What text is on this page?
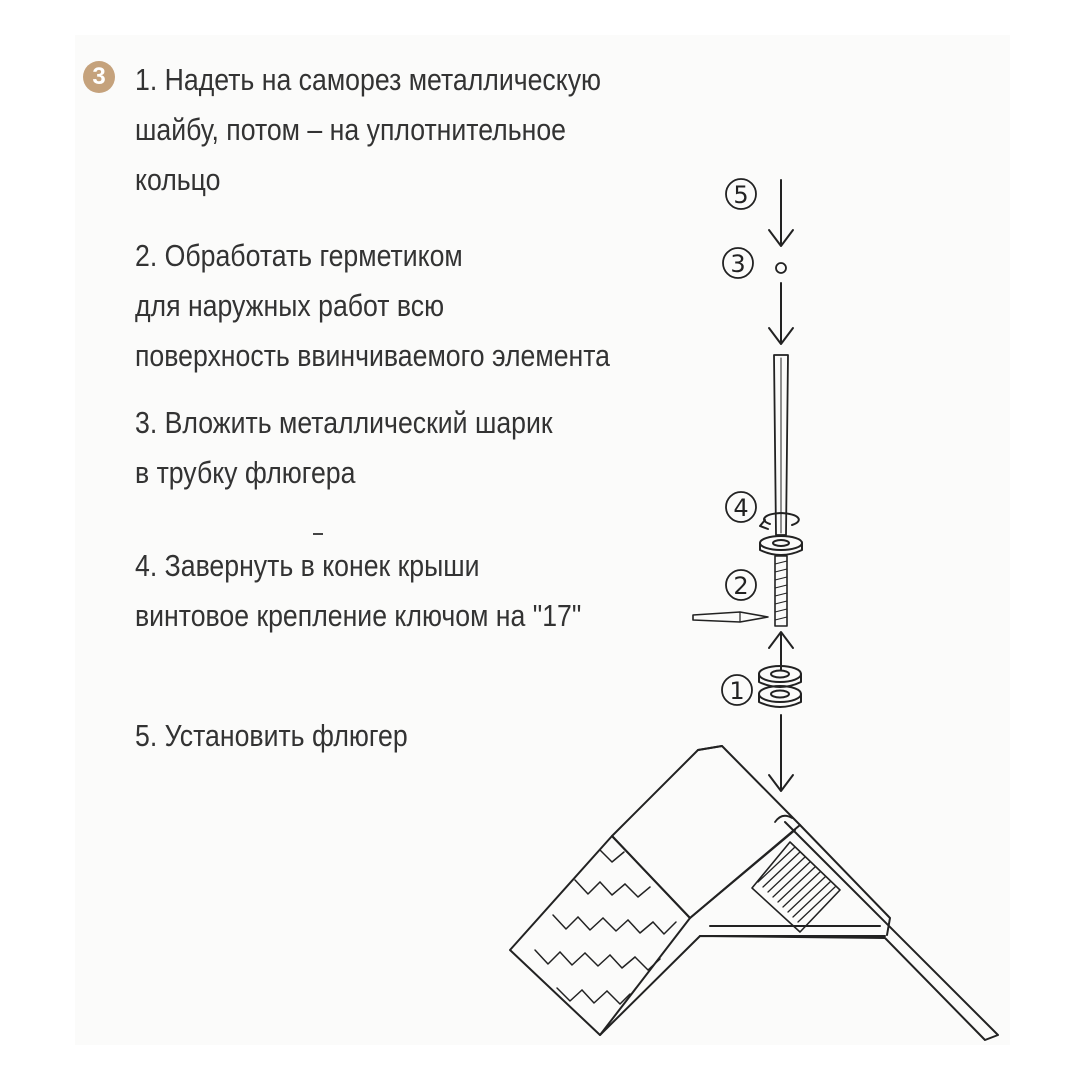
3 1. Надеть на саморез металлическую
шайбу, потом – на уплотнительное
кольцо

2. Обработать герметиком
для наружных работ всю
поверхность ввинчиваемого элемента

3. Вложить металлический шарик
в трубку флюгера

4. Завернуть в конек крыши
винтовое крепление ключом на "17"

5. Установить флюгер

5
3
4
2
1
